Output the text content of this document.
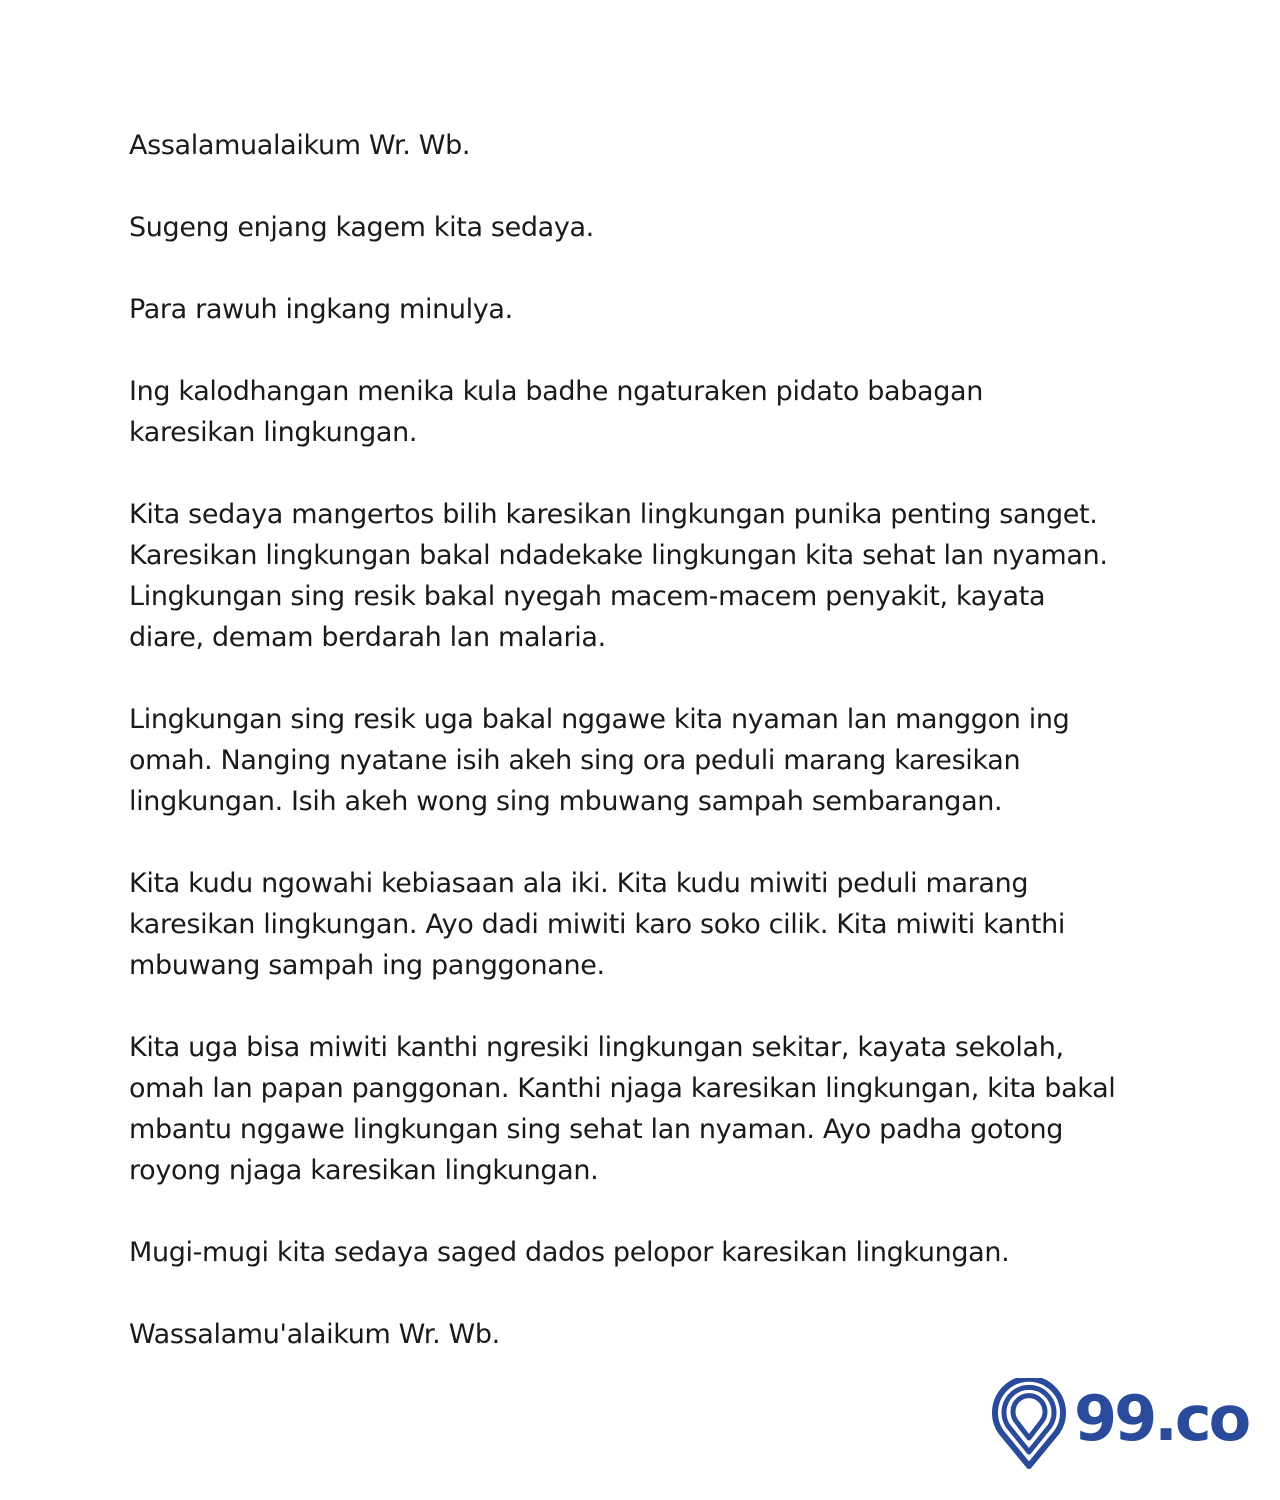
Assalamualaikum Wr. Wb.

Sugeng enjang kagem kita sedaya.

Para rawuh ingkang minulya.

Ing kalodhangan menika kula badhe ngaturaken pidato babagan
karesikan lingkungan.

Kita sedaya mangertos bilih karesikan lingkungan punika penting sanget.
Karesikan lingkungan bakal ndadekake lingkungan kita sehat lan nyaman.
Lingkungan sing resik bakal nyegah macem-macem penyakit, kayata
diare, demam berdarah lan malaria.

Lingkungan sing resik uga bakal nggawe kita nyaman lan manggon ing
omah. Nanging nyatane isih akeh sing ora peduli marang karesikan
lingkungan. Isih akeh wong sing mbuwang sampah sembarangan.

Kita kudu ngowahi kebiasaan ala iki. Kita kudu miwiti peduli marang
karesikan lingkungan. Ayo dadi miwiti karo soko cilik. Kita miwiti kanthi
mbuwang sampah ing panggonane.

Kita uga bisa miwiti kanthi ngresiki lingkungan sekitar, kayata sekolah,
omah lan papan panggonan. Kanthi njaga karesikan lingkungan, kita bakal
mbantu nggawe lingkungan sing sehat lan nyaman. Ayo padha gotong
royong njaga karesikan lingkungan.

Mugi-mugi kita sedaya saged dados pelopor karesikan lingkungan.

Wassalamu'alaikum Wr. Wb.

99.co
